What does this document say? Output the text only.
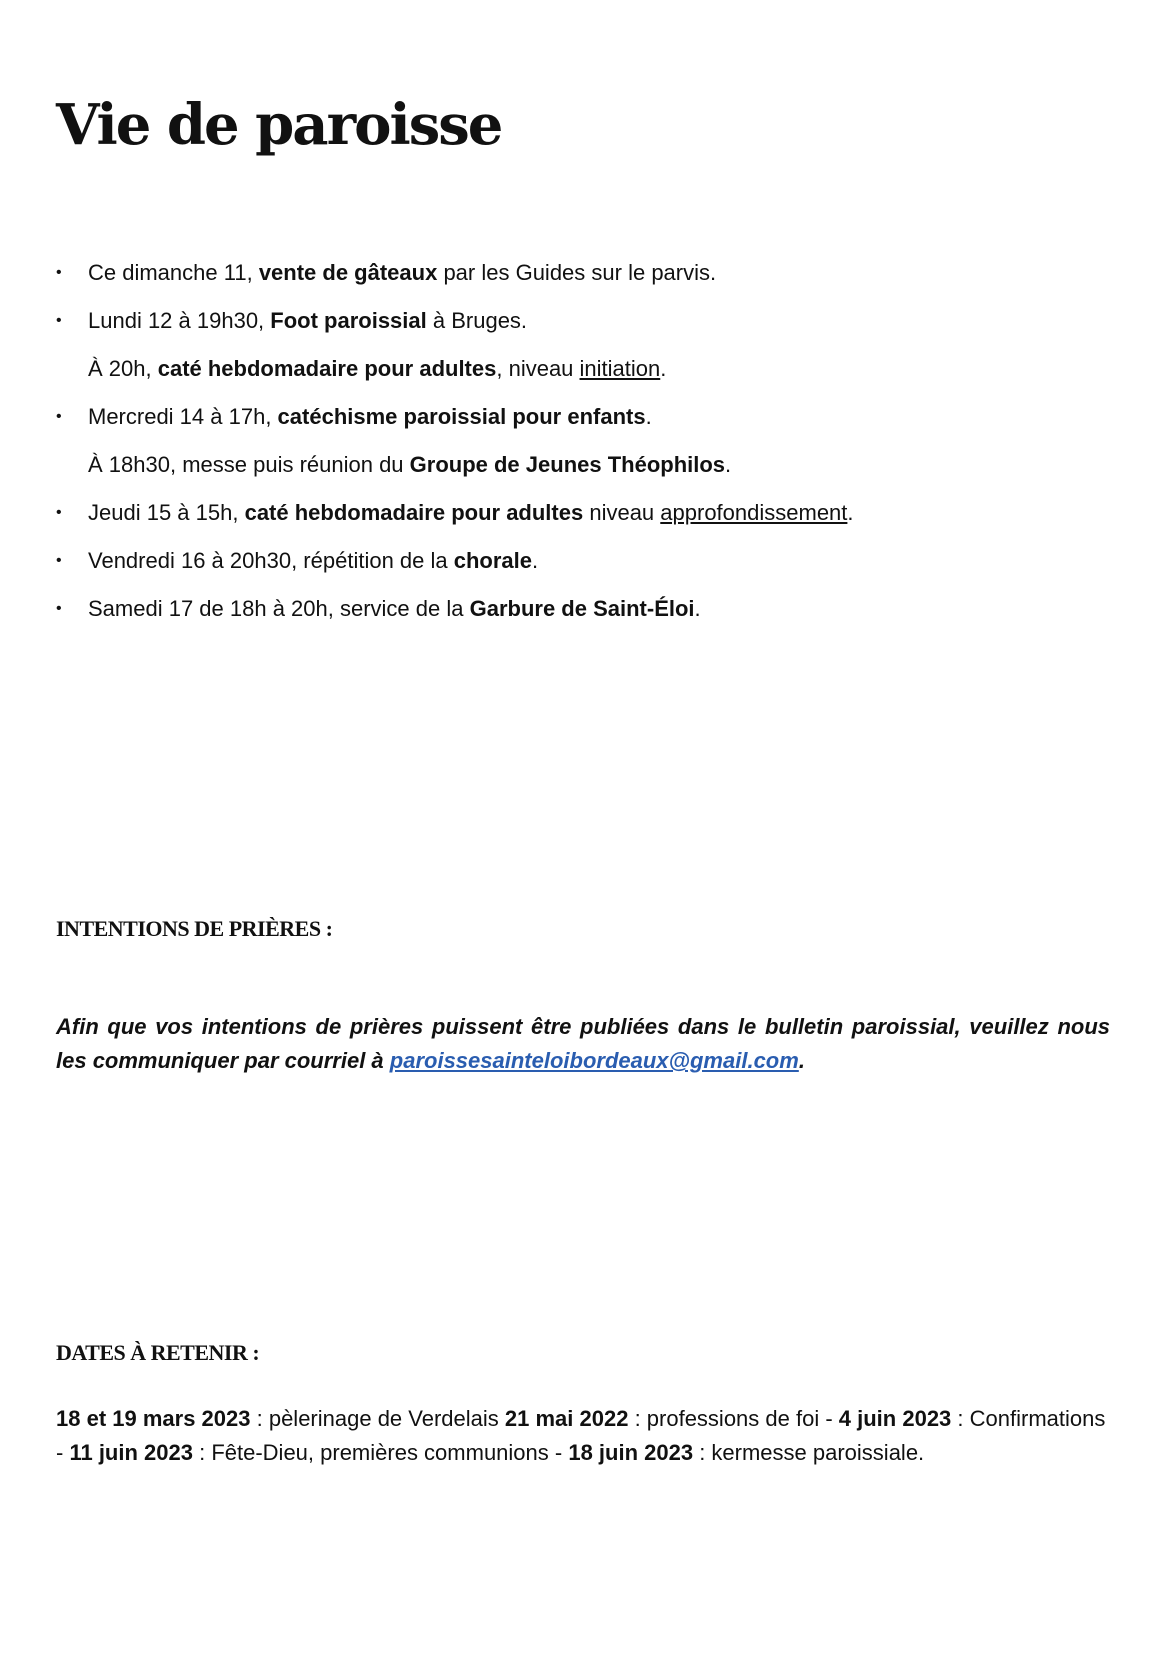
Vie de paroisse
•	Ce dimanche 11, vente de gâteaux par les Guides sur le parvis.
•	Lundi 12 à 19h30, Foot paroissial à Bruges.
À 20h, caté hebdomadaire pour adultes, niveau initiation.
•	Mercredi 14 à 17h, catéchisme paroissial pour enfants.
À 18h30, messe puis réunion du Groupe de Jeunes Théophilos.
•	Jeudi 15 à 15h, caté hebdomadaire pour adultes niveau approfondissement.
•	Vendredi 16 à 20h30, répétition de la chorale.
•	Samedi 17 de 18h à 20h, service de la Garbure de Saint-Éloi.
INTENTIONS DE PRIÈRES :

Afin que vos intentions de prières puissent être publiées dans le bulletin paroissial, veuillez nous les communiquer par courriel à paroissesainteloibordeaux@gmail.com.

DATES À RETENIR :

18 et 19 mars 2023 : pèlerinage de Verdelais 21 mai 2022 : professions de foi - 4 juin 2023 : Confirmations - 11 juin 2023 : Fête-Dieu, premières communions - 18 juin 2023 : kermesse paroissiale.
